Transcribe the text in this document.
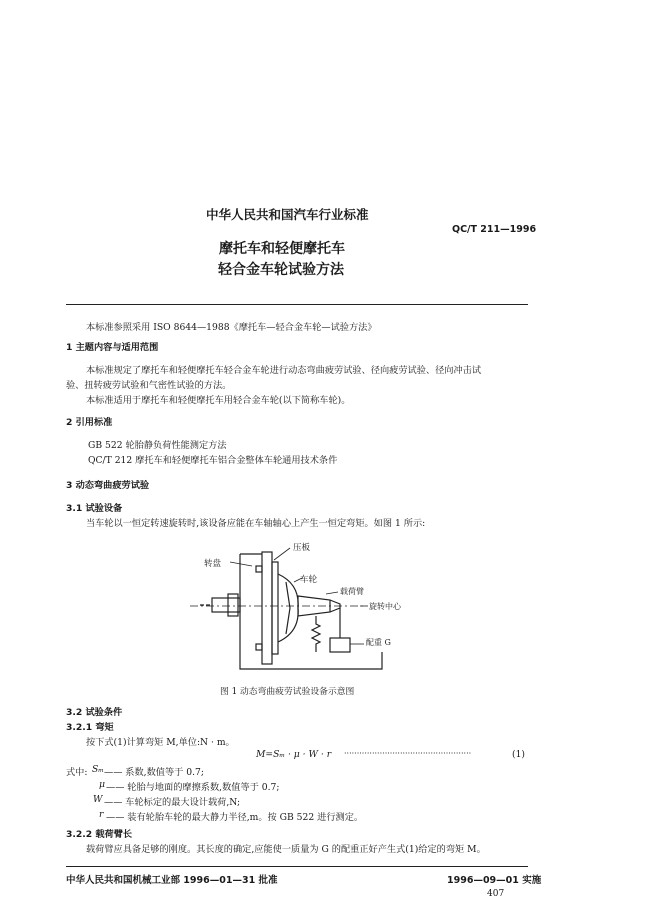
中华人民共和国汽车行业标准
QC/T 211—1996
摩托车和轻便摩托车
轻合金车轮试验方法
本标准参照采用 ISO 8644—1988《摩托车—轻合金车轮—试验方法》
1 主题内容与适用范围
本标准规定了摩托车和轻便摩托车轻合金车轮进行动态弯曲疲劳试验、径向疲劳试验、径向冲击试
验、扭转疲劳试验和气密性试验的方法。
本标准适用于摩托车和轻便摩托车用轻合金车轮(以下简称车轮)。
2 引用标准
GB 522 轮胎静负荷性能测定方法
QC/T 212 摩托车和轻便摩托车铝合金整体车轮通用技术条件
3 动态弯曲疲劳试验
3.1 试验设备
当车轮以一恒定转速旋转时,该设备应能在车轴轴心上产生一恒定弯矩。如图 1 所示:
压板
转盘
车轮
载荷臂
旋转中心
配重 G
图 1 动态弯曲疲劳试验设备示意图
3.2 试验条件
3.2.1 弯矩
按下式(1)计算弯矩 M,单位:N · m。
M=Sₘ · μ · W · r ··················································	(1)
式中: Sₘ —— 系数,数值等于 0.7;
μ —— 轮胎与地面的摩擦系数,数值等于 0.7;
W —— 车轮标定的最大设计载荷,N;
r —— 装有轮胎车轮的最大静力半径,m。按 GB 522 进行测定。
3.2.2 载荷臂长
载荷臂应具备足够的刚度。其长度的确定,应能使一质量为 G 的配重正好产生式(1)给定的弯矩 M。
中华人民共和国机械工业部 1996—01—31 批准	1996—09—01 实施
407
